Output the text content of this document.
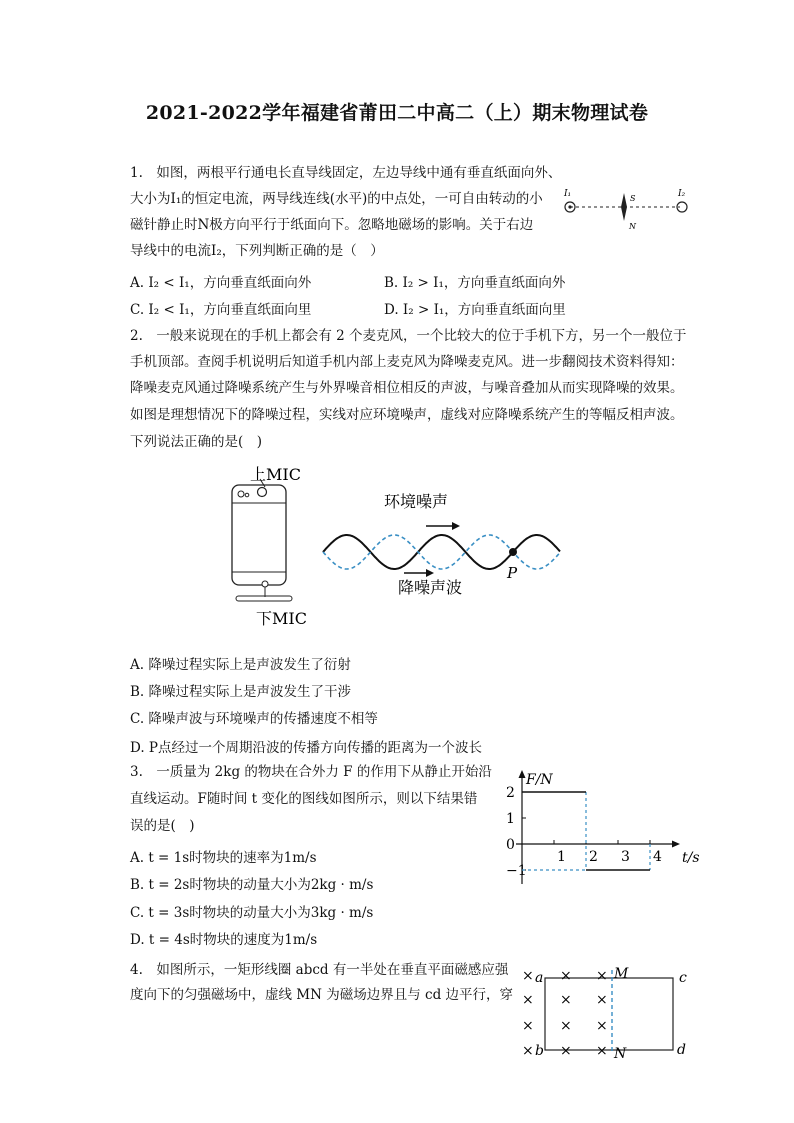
2021-2022学年福建省莆田二中高二（上）期末物理试卷
1.　如图，两根平行通电长直导线固定，左边导线中通有垂直纸面向外、
大小为I₁的恒定电流，两导线连线(水平)的中点处，一可自由转动的小
磁针静止时N极方向平行于纸面向下。忽略地磁场的影响。关于右边
导线中的电流I₂，下列判断正确的是（　）
A. I₂ < I₁，方向垂直纸面向外	B. I₂ > I₁，方向垂直纸面向外
C. I₂ < I₁，方向垂直纸面向里	D. I₂ > I₁，方向垂直纸面向里
I₁	I₂
S
N
2.　一般来说现在的手机上都会有 2 个麦克风，一个比较大的位于手机下方，另一个一般位于
手机顶部。查阅手机说明后知道手机内部上麦克风为降噪麦克风。进一步翻阅技术资料得知：
降噪麦克风通过降噪系统产生与外界噪音相位相反的声波，与噪音叠加从而实现降噪的效果。
如图是理想情况下的降噪过程，实线对应环境噪声，虚线对应降噪系统产生的等幅反相声波。
下列说法正确的是(　)
上MIC
下MIC
P
环境噪声
降噪声波
A. 降噪过程实际上是声波发生了衍射
B. 降噪过程实际上是声波发生了干涉
C. 降噪声波与环境噪声的传播速度不相等
D. P点经过一个周期沿波的传播方向传播的距离为一个波长
3.　一质量为 2kg 的物块在合外力 F 的作用下从静止开始沿
直线运动。F随时间 t 变化的图线如图所示，则以下结果错
误的是(　)
A. t = 1s时物块的速率为1m/s
B. t = 2s时物块的动量大小为2kg · m/s
C. t = 3s时物块的动量大小为3kg · m/s
D. t = 4s时物块的速度为1m/s
F/N
t/s
2
1
0
−1
1 2 3 4
4.　如图所示，一矩形线圈 abcd 有一半处在垂直平面磁感应强
度向下的匀强磁场中，虚线 MN 为磁场边界且与 cd 边平行，穿
× × ×
× × ×
× × ×
× × ×
a
b
c
d
M
N
